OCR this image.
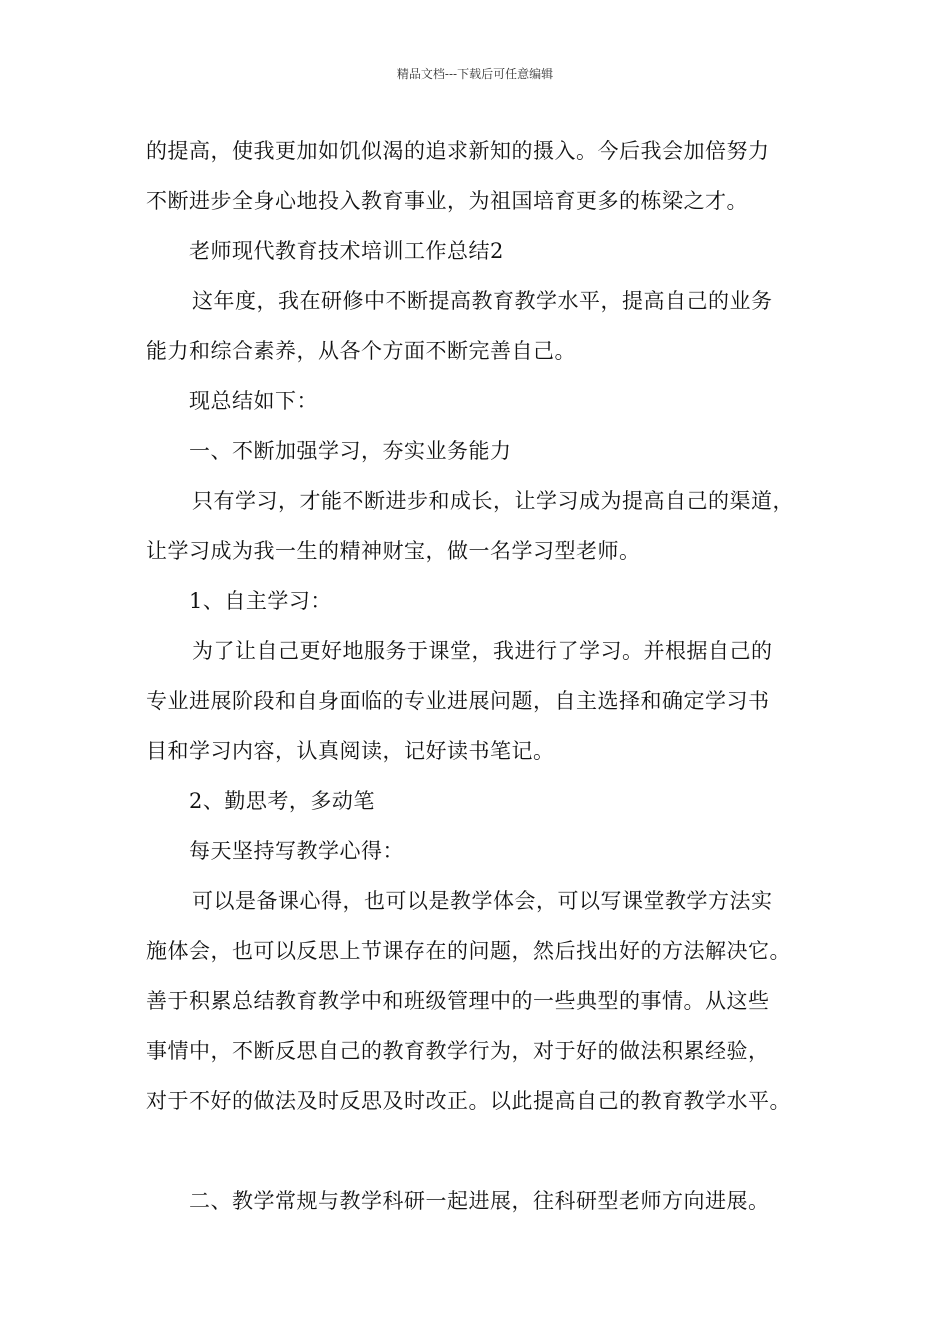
精品文档---下载后可任意编辑
的提高，使我更加如饥似渴的追求新知的摄入。今后我会加倍努力
不断进步全身心地投入教育事业，为祖国培育更多的栋梁之才。
老师现代教育技术培训工作总结2
这年度，我在研修中不断提高教育教学水平，提高自己的业务
能力和综合素养，从各个方面不断完善自己。
现总结如下：
一、不断加强学习，夯实业务能力
只有学习，才能不断进步和成长，让学习成为提高自己的渠道，
让学习成为我一生的精神财宝，做一名学习型老师。
1、自主学习：
为了让自己更好地服务于课堂，我进行了学习。并根据自己的
专业进展阶段和自身面临的专业进展问题，自主选择和确定学习书
目和学习内容，认真阅读，记好读书笔记。
2、勤思考，多动笔
每天坚持写教学心得：
可以是备课心得，也可以是教学体会，可以写课堂教学方法实
施体会，也可以反思上节课存在的问题，然后找出好的方法解决它。
善于积累总结教育教学中和班级管理中的一些典型的事情。从这些
事情中，不断反思自己的教育教学行为，对于好的做法积累经验，
对于不好的做法及时反思及时改正。以此提高自己的教育教学水平。
二、教学常规与教学科研一起进展，往科研型老师方向进展。
